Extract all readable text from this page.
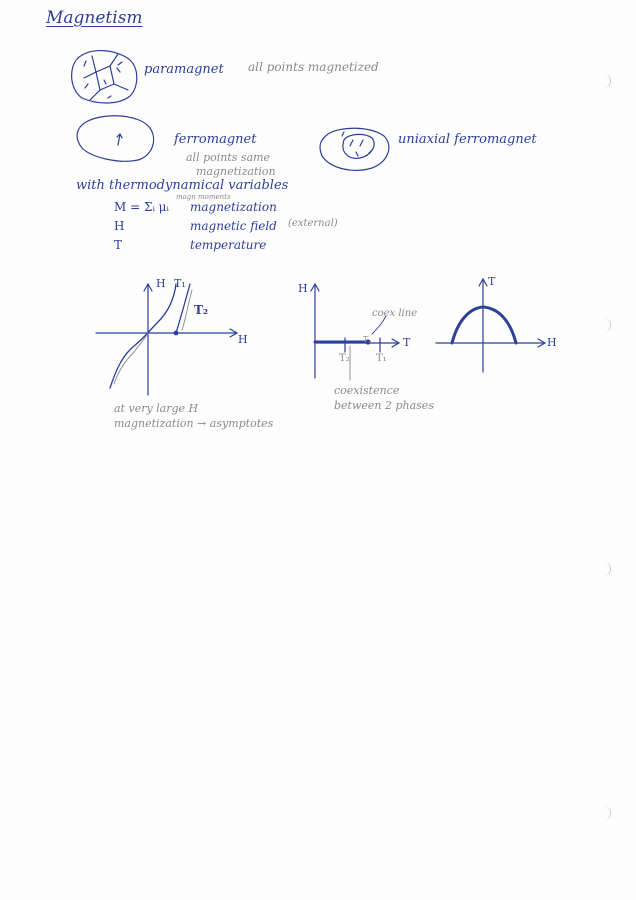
Magnetism
paramagnet all points magnetized
ferromagnet
all points same
magnetization
uniaxial ferromagnet
with thermodynamical variables
magn moments
M = Σᵢ μᵢ magnetization
H	magnetic field (external)
T	temperature
H T₁
T₂
H
at very large H
magnetization → asymptotes
H
T
coex line
T₂
T꜀
T₁
coexistence
between 2 phases
T
H
